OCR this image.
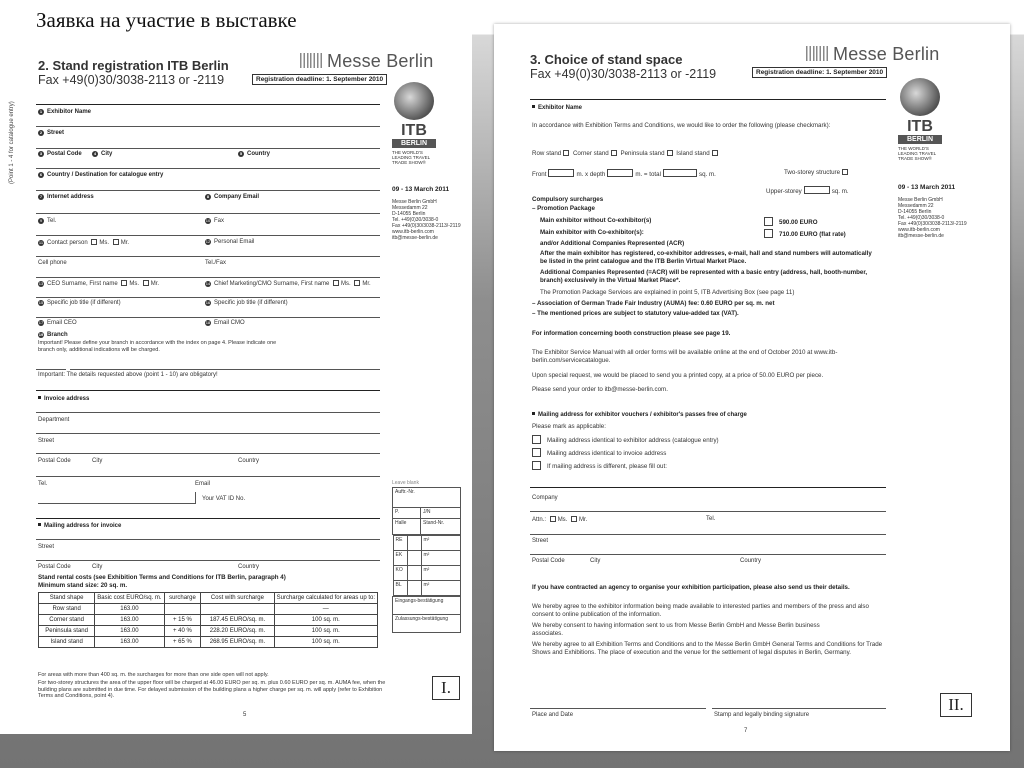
Заявка на участие в выставке
2. Stand registration ITB Berlin
Fax +49(0)30/3038-2113 or -2119	Registration deadline: 1. September 2010
Messe Berlin
ITB
BERLIN
THE WORLD'S LEADING TRAVEL TRADE SHOW®
09 - 13 March 2011
Messe Berlin GmbH
Messedamm 22
D-14055 Berlin
Tel. +49(0)30/3038-0
Fax +49(0)30/3038-2113/-2119
www.itb-berlin.com
itb@messe-berlin.de
(Point 1 - 4 for catalogue entry)	1 Exhibitor Name
2 Street
3 Postal Code	4 City	5 Country
6 Country / Destination for catalogue entry
7 Internet address	8 Company Email
9 Tel.	10 Fax
11 Contact person Ms. Mr.	12 Personal Email
Cell phone	Tel./Fax
13 CEO Surname, First name Ms. Mr.	14 Chief Marketing/CMO Surname, First name Ms. Mr.
15 Specific job title (if different)	16 Specific job title (if different)
17 Email CEO	18 Email CMO
19 Branch
Important! Please define your branch in accordance with the index on page 4. Please indicate one branch only, additional indications will be charged.
Important: The details requested above (point 1 - 10) are obligatory!
Invoice address
Department
Street
Postal Code	City	Country
Tel.	Email
Your VAT ID No.
Mailing address for invoice
Street
Postal Code	City	Country
Stand rental costs (see Exhibition Terms and Conditions for ITB Berlin, paragraph 4)
Minimum stand size: 20 sq. m.
Stand shape	Basic cost EURO/sq. m.	surcharge	Cost with surcharge	Surcharge calculated for areas up to:
Row stand	163.00			—
Corner stand	163.00	+ 15 %	187.45 EURO/sq. m.	100 sq. m.
Peninsula stand	163.00	+ 40 %	228.20 EURO/sq. m.	100 sq. m.
Island stand	163.00	+ 65 %	268.95 EURO/sq. m.	100 sq. m.
For areas with more than 400 sq. m. the surcharges for more than one side open will not apply.
For two-storey structures the area of the upper floor will be charged at 46.00 EURO per sq. m. plus 0.60 EURO per sq. m. AUMA fee, when the building plans are submitted in due time. For delayed submission of the building plans a higher charge per sq. m. will apply (refer to Exhibition Terms and Conditions, point 4).
Leave blank
Auftr.-Nr.
P.	J/N
Halle	Stand-Nr.

RE		m²
EK		m²
KO		m²
BL		m²

Eingangs-bestätigung
Zulassungs-bestätigung
I.
5
3. Choice of stand space
Fax +49(0)30/3038-2113 or -2119	Registration deadline: 1. September 2010
Messe Berlin
ITB
BERLIN
THE WORLD'S LEADING TRAVEL TRADE SHOW®
09 - 13 March 2011
Messe Berlin GmbH
Messedamm 22
D-14055 Berlin
Tel. +49(0)30/3038-0
Fax +49(0)30/3038-2113/-2119
www.itb-berlin.com
itb@messe-berlin.de
Exhibitor Name
In accordance with Exhibition Terms and Conditions, we would like to order the following (please checkmark):
Row stand Corner stand Peninsula stand Island stand
Front	m. x depth	m. = total	sq. m.	Two-storey structure
Upper-storey	sq. m.
Compulsory surcharges
– Promotion Package
Main exhibitor without Co-exhibitor(s)	590.00 EURO
Main exhibitor with Co-exhibitor(s):	710.00 EURO (flat rate)
and/or Additional Companies Represented (ACR)
After the main exhibitor has registered, co-exhibitor addresses, e-mail, hall and stand numbers will automatically be listed in the print catalogue and the ITB Berlin Virtual Market Place.
Additional Companies Represented (=ACR) will be represented with a basic entry (address, hall, booth-number, branch) exclusively in the Virtual Market Place*.
The Promotion Package Services are explained in point 5, ITB Advertising Box (see page 11)
– Association of German Trade Fair Industry (AUMA) fee: 0.60 EURO per sq. m. net
– The mentioned prices are subject to statutory value-added tax (VAT).
For information concerning booth construction please see page 19.
The Exhibitor Service Manual with all order forms will be available online at the end of October 2010 at www.itb-berlin.com/servicecatalogue.
Upon special request, we would be placed to send you a printed copy, at a price of 50.00 EURO per piece.
Please send your order to itb@messe-berlin.com.
Mailing address for exhibitor vouchers / exhibitor's passes free of charge
Please mark as applicable:
Mailing address identical to exhibitor address (catalogue entry)
Mailing address identical to invoice address
If mailing address is different, please fill out:
Company
Attn.: Ms. Mr.	Tel.
Street
Postal Code	City	Country
If you have contracted an agency to organise your exhibition participation, please also send us their details.
We hereby agree to the exhibitor information being made available to interested parties and members of the press and also consent to online publication of the information.
We hereby consent to having information sent to us from Messe Berlin GmbH and Messe Berlin business associates.
We hereby agree to all Exhibition Terms and Conditions and to the Messe Berlin GmbH General Terms and Conditions for Trade Shows and Exhibitions. The place of execution and the venue for the settlement of legal disputes in Berlin, Germany.
Place and Date	Stamp and legally binding signature
II.
7
